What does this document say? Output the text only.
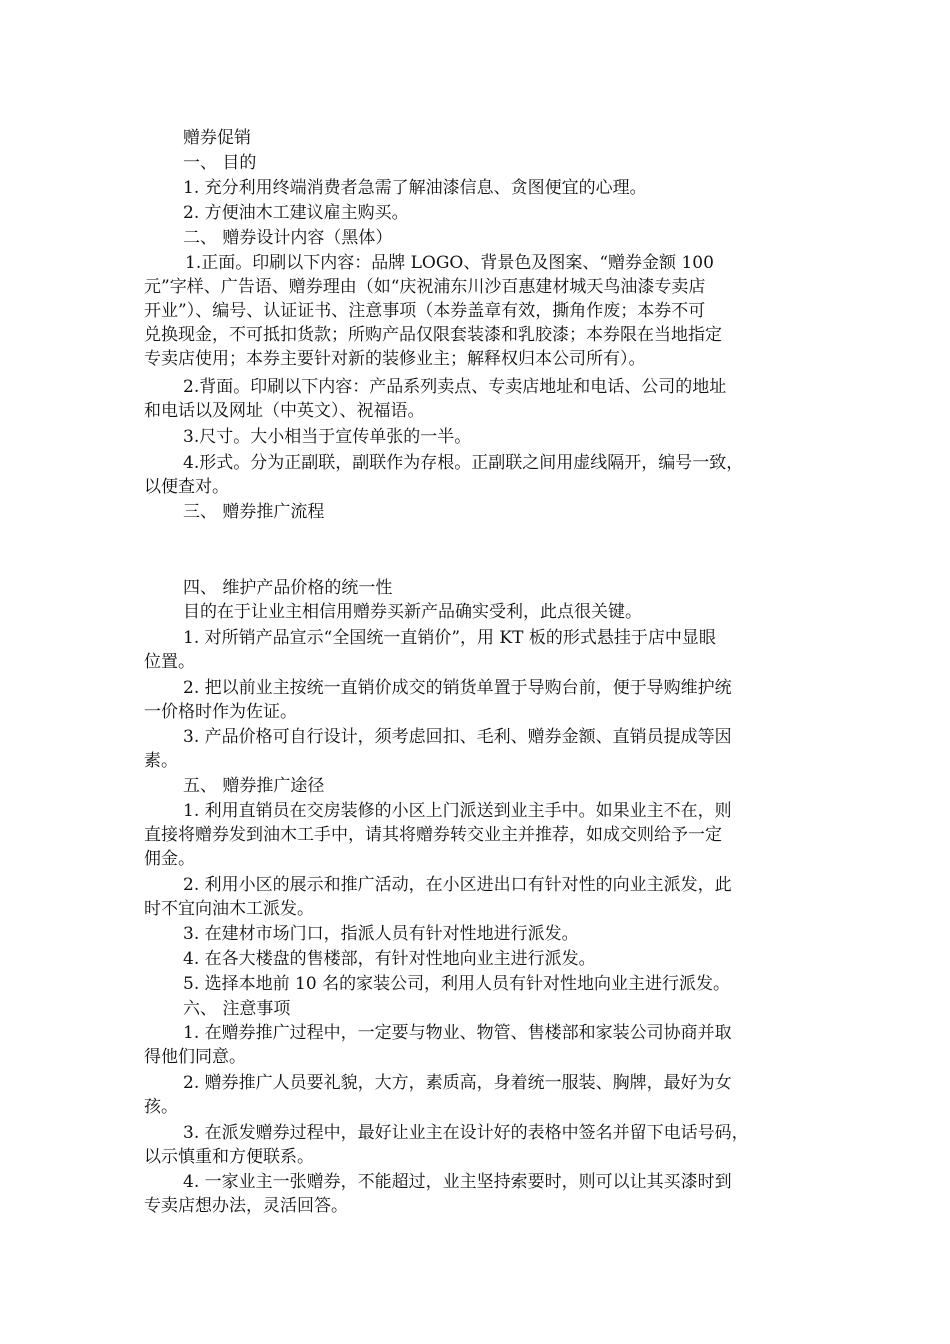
赠券促销
一、 目的
1. 充分利用终端消费者急需了解油漆信息、贪图便宜的心理。
2. 方便油木工建议雇主购买。
二、 赠券设计内容（黑体）
1.正面。印刷以下内容：品牌 LOGO、背景色及图案、“赠券金额 100
元”字样、广告语、赠券理由（如“庆祝浦东川沙百惠建材城天鸟油漆专卖店
开业”）、编号、认证证书、注意事项（本券盖章有效，撕角作废；本券不可
兑换现金，不可抵扣货款；所购产品仅限套装漆和乳胶漆；本券限在当地指定
专卖店使用；本券主要针对新的装修业主；解释权归本公司所有）。
2.背面。印刷以下内容：产品系列卖点、专卖店地址和电话、公司的地址
和电话以及网址（中英文）、祝福语。
3.尺寸。大小相当于宣传单张的一半。
4.形式。分为正副联，副联作为存根。正副联之间用虚线隔开，编号一致，
以便查对。
三、 赠券推广流程
四、 维护产品价格的统一性
目的在于让业主相信用赠券买新产品确实受利，此点很关键。
1. 对所销产品宣示“全国统一直销价”，用 KT 板的形式悬挂于店中显眼
位置。
2. 把以前业主按统一直销价成交的销货单置于导购台前，便于导购维护统
一价格时作为佐证。
3. 产品价格可自行设计，须考虑回扣、毛利、赠券金额、直销员提成等因
素。
五、 赠券推广途径
1. 利用直销员在交房装修的小区上门派送到业主手中。如果业主不在，则
直接将赠券发到油木工手中，请其将赠券转交业主并推荐，如成交则给予一定
佣金。
2. 利用小区的展示和推广活动，在小区进出口有针对性的向业主派发，此
时不宜向油木工派发。
3. 在建材市场门口，指派人员有针对性地进行派发。
4. 在各大楼盘的售楼部，有针对性地向业主进行派发。
5. 选择本地前 10 名的家装公司，利用人员有针对性地向业主进行派发。
六、 注意事项
1. 在赠券推广过程中，一定要与物业、物管、售楼部和家装公司协商并取
得他们同意。
2. 赠券推广人员要礼貌，大方，素质高，身着统一服装、胸牌，最好为女
孩。
3. 在派发赠券过程中，最好让业主在设计好的表格中签名并留下电话号码，
以示慎重和方便联系。
4. 一家业主一张赠券，不能超过，业主坚持索要时，则可以让其买漆时到
专卖店想办法，灵活回答。
